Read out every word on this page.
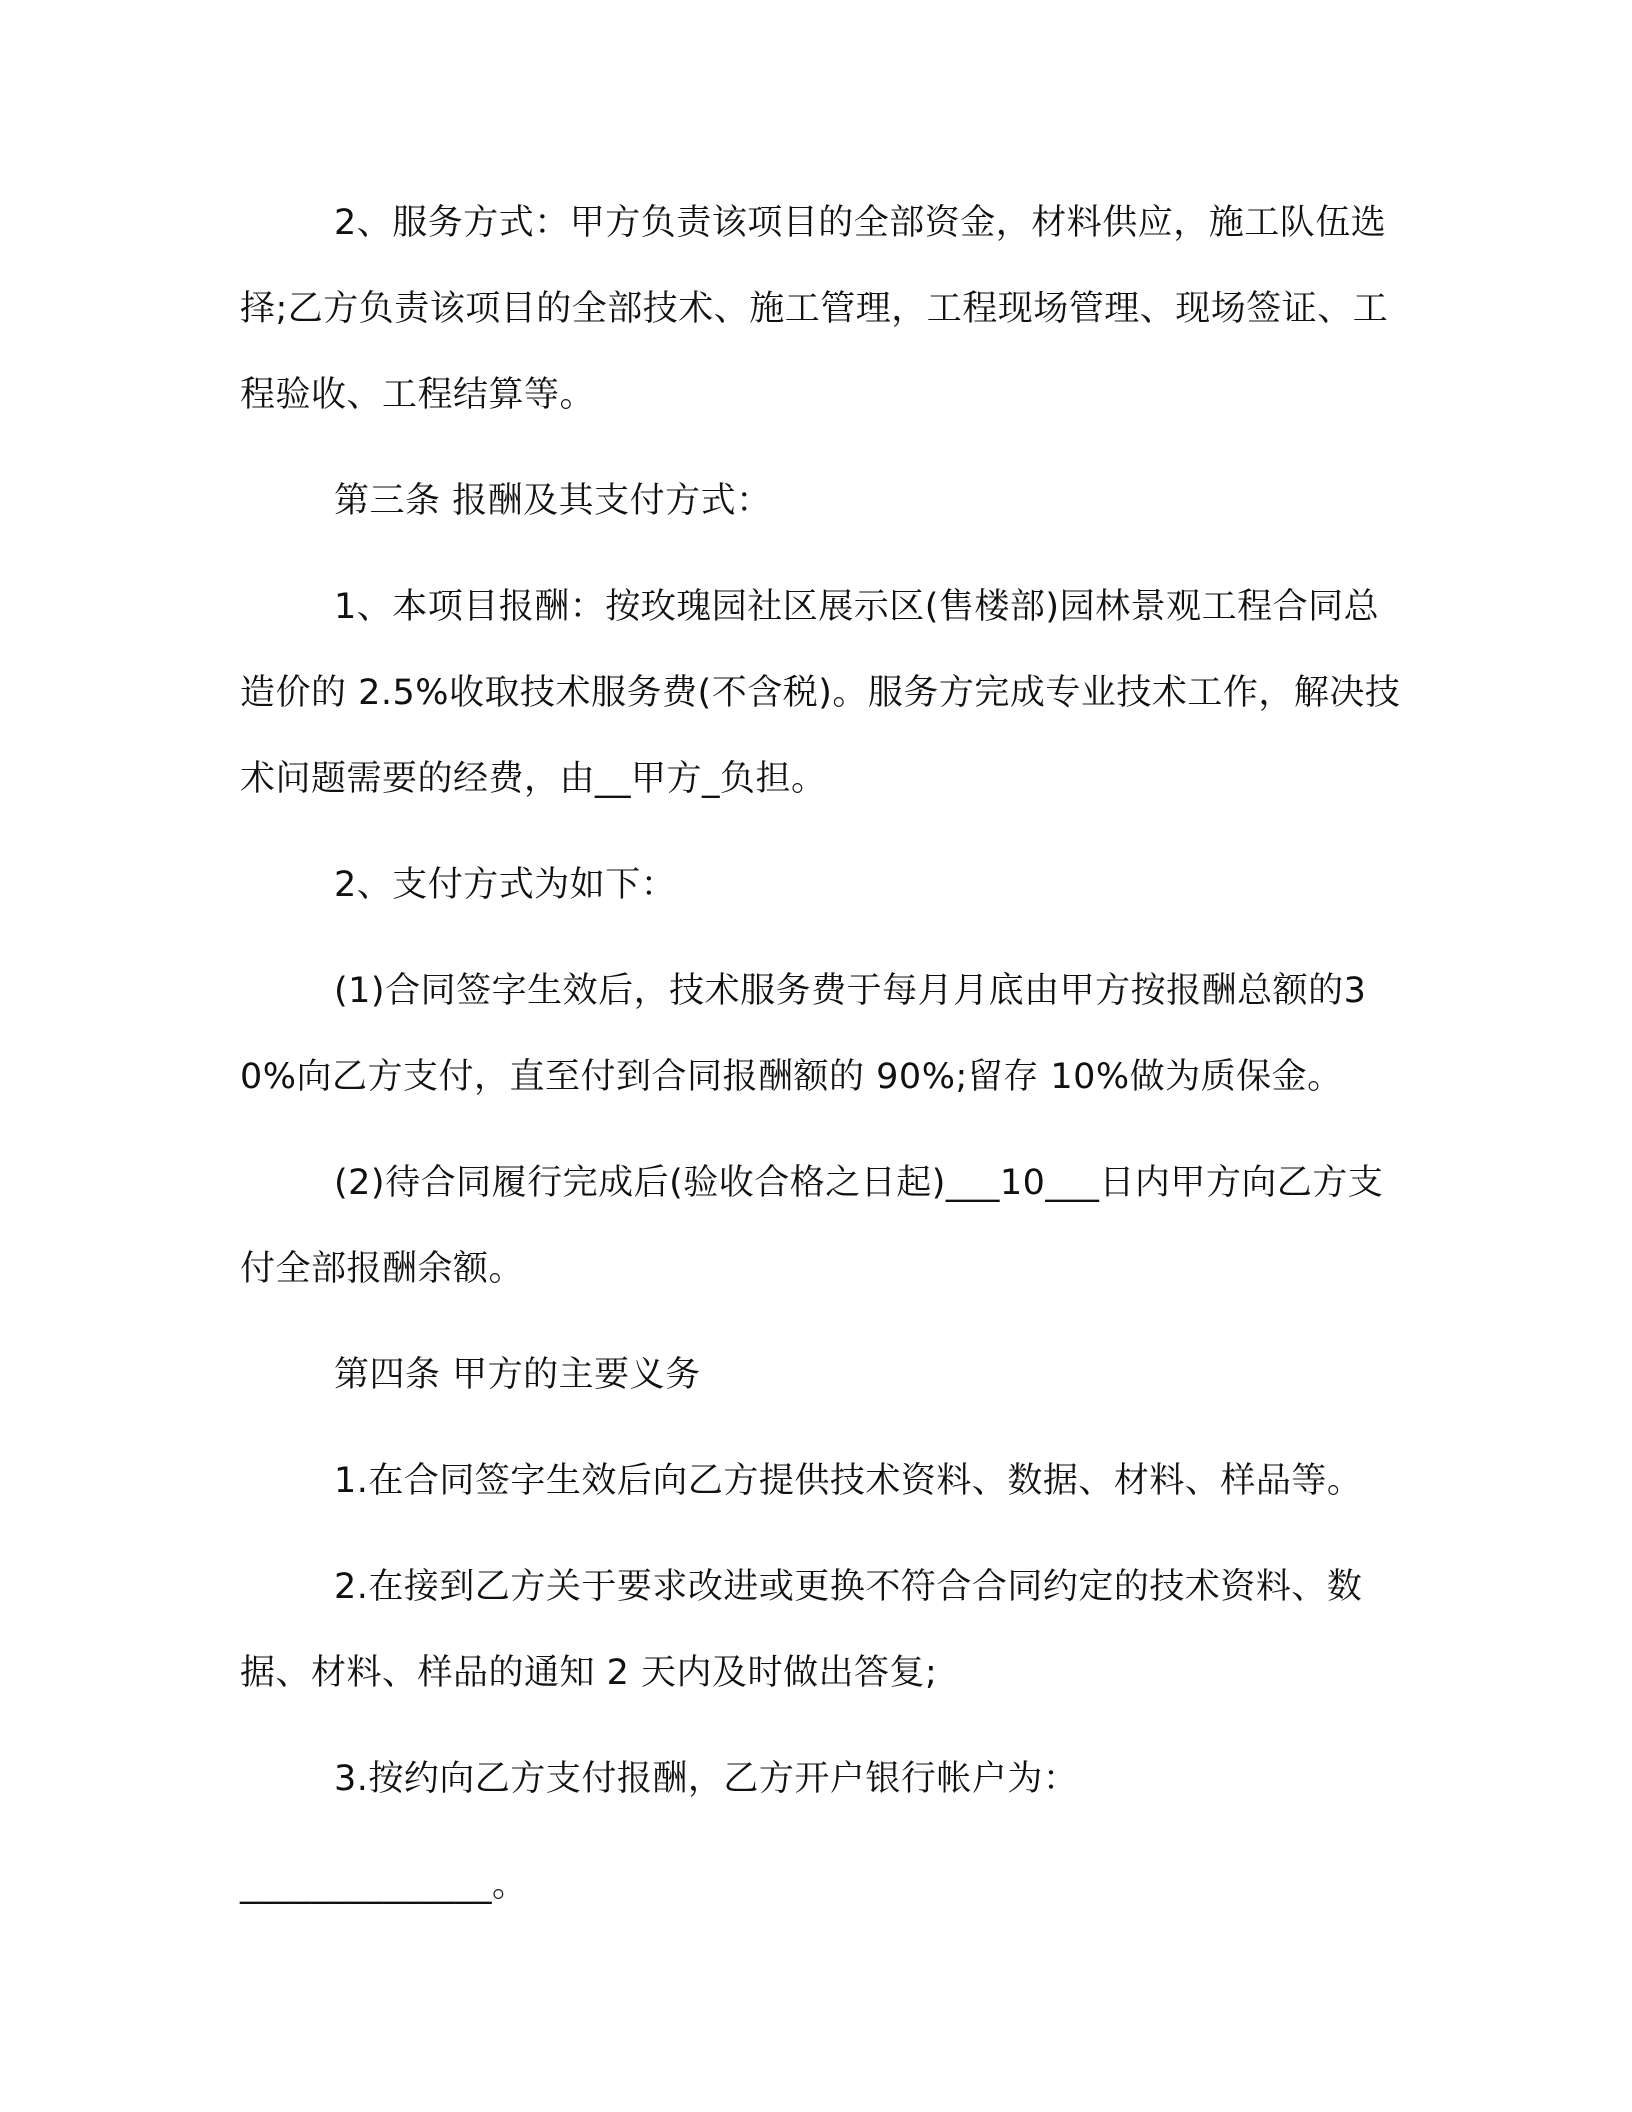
2、服务方式：甲方负责该项目的全部资金，材料供应，施工队伍选择;乙方负责该项目的全部技术、施工管理，工程现场管理、现场签证、工程验收、工程结算等。

第三条 报酬及其支付方式：

1、本项目报酬：按玫瑰园社区展示区(售楼部)园林景观工程合同总造价的 2.5%收取技术服务费(不含税)。服务方完成专业技术工作，解决技术问题需要的经费，由__甲方_负担。

2、支付方式为如下：

(1)合同签字生效后，技术服务费于每月月底由甲方按报酬总额的30%向乙方支付，直至付到合同报酬额的 90%;留存 10%做为质保金。

(2)待合同履行完成后(验收合格之日起)___10___日内甲方向乙方支付全部报酬余额。

第四条 甲方的主要义务

1.在合同签字生效后向乙方提供技术资料、数据、材料、样品等。

2.在接到乙方关于要求改进或更换不符合合同约定的技术资料、数据、材料、样品的通知 2 天内及时做出答复;

3.按约向乙方支付报酬，乙方开户银行帐户为：

______________。
